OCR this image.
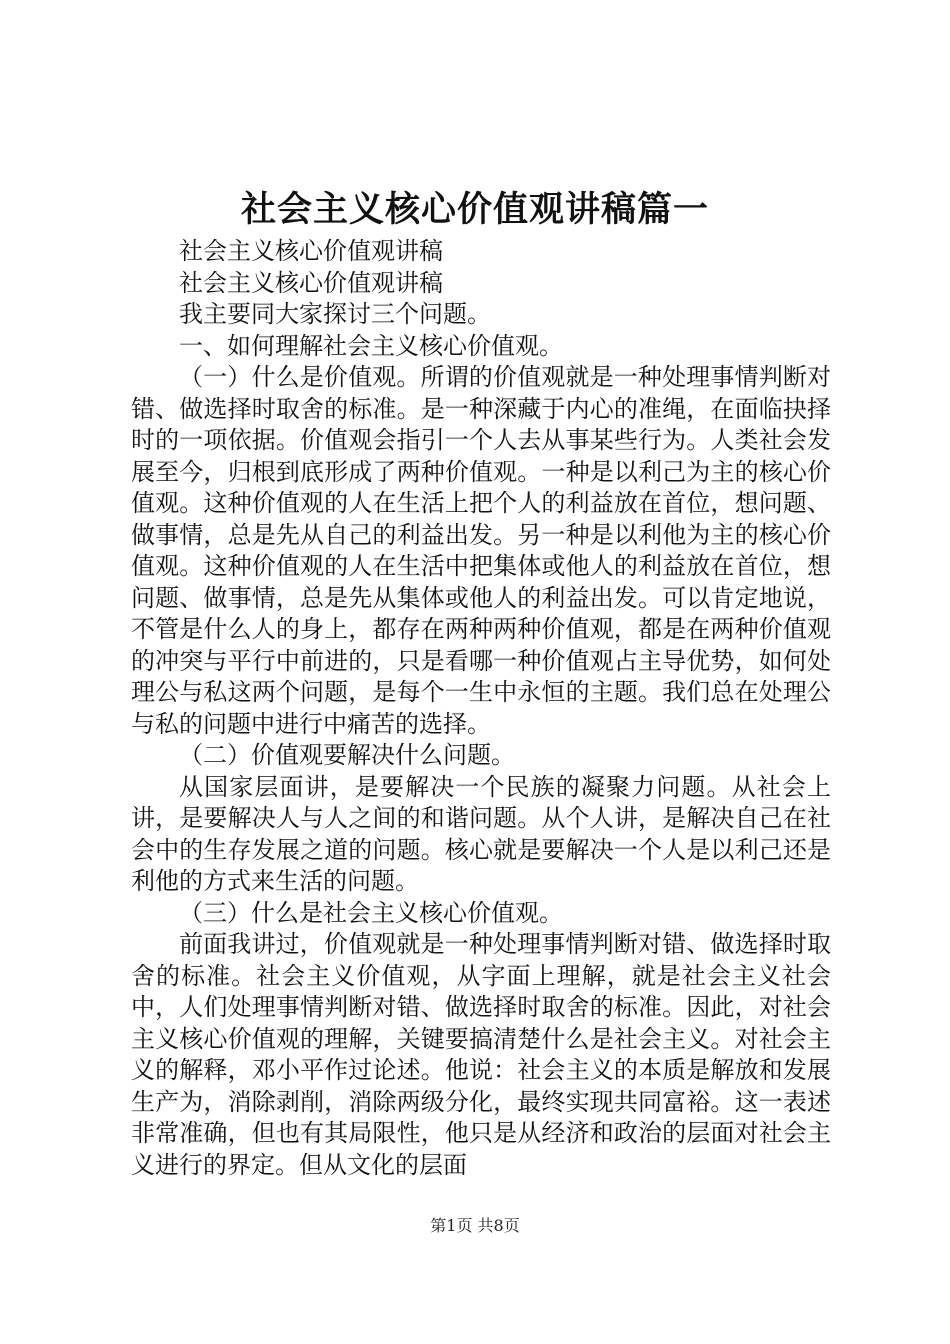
社会主义核心价值观讲稿篇一

社会主义核心价值观讲稿

社会主义核心价值观讲稿

我主要同大家探讨三个问题。

一、如何理解社会主义核心价值观。

（一）什么是价值观。所谓的价值观就是一种处理事情判断对错、做选择时取舍的标准。是一种深藏于内心的准绳，在面临抉择时的一项依据。价值观会指引一个人去从事某些行为。人类社会发展至今，归根到底形成了两种价值观。一种是以利己为主的核心价值观。这种价值观的人在生活上把个人的利益放在首位，想问题、做事情，总是先从自己的利益出发。另一种是以利他为主的核心价值观。这种价值观的人在生活中把集体或他人的利益放在首位，想问题、做事情，总是先从集体或他人的利益出发。可以肯定地说，不管是什么人的身上，都存在两种两种价值观，都是在两种价值观的冲突与平行中前进的，只是看哪一种价值观占主导优势，如何处理公与私这两个问题，是每个一生中永恒的主题。我们总在处理公与私的问题中进行中痛苦的选择。

（二）价值观要解决什么问题。

从国家层面讲，是要解决一个民族的凝聚力问题。从社会上讲，是要解决人与人之间的和谐问题。从个人讲，是解决自己在社会中的生存发展之道的问题。核心就是要解决一个人是以利己还是利他的方式来生活的问题。

（三）什么是社会主义核心价值观。

前面我讲过，价值观就是一种处理事情判断对错、做选择时取舍的标准。社会主义价值观，从字面上理解，就是社会主义社会中，人们处理事情判断对错、做选择时取舍的标准。因此，对社会主义核心价值观的理解，关键要搞清楚什么是社会主义。对社会主义的解释，邓小平作过论述。他说：社会主义的本质是解放和发展生产为，消除剥削，消除两级分化，最终实现共同富裕。这一表述非常准确，但也有其局限性，他只是从经济和政治的层面对社会主义进行的界定。但从文化的层面

第1页 共8页
